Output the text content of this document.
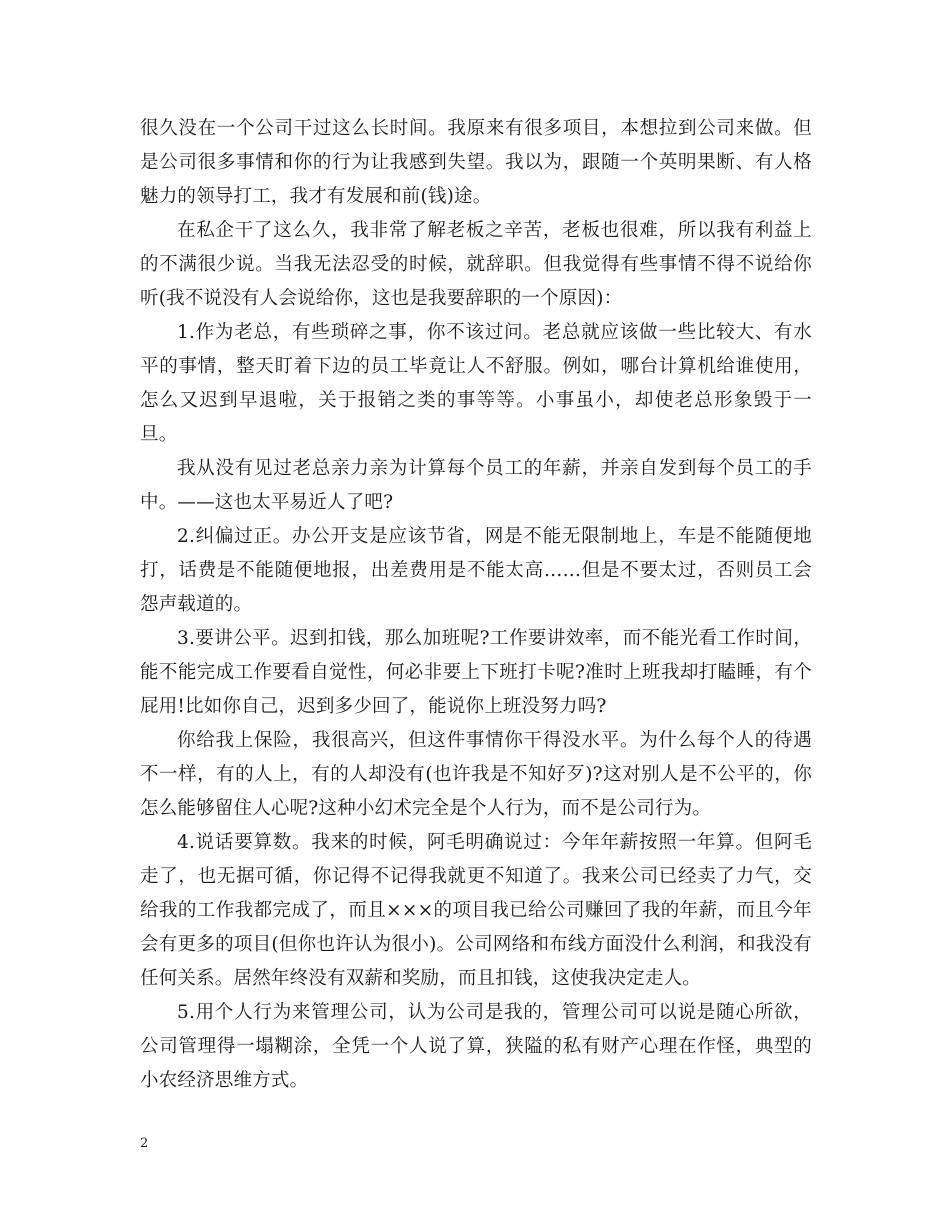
很久没在一个公司干过这么长时间。我原来有很多项目，本想拉到公司来做。但是公司很多事情和你的行为让我感到失望。我以为，跟随一个英明果断、有人格魅力的领导打工，我才有发展和前(钱)途。

在私企干了这么久，我非常了解老板之辛苦，老板也很难，所以我有利益上的不满很少说。当我无法忍受的时候，就辞职。但我觉得有些事情不得不说给你听(我不说没有人会说给你，这也是我要辞职的一个原因)：

1.作为老总，有些琐碎之事，你不该过问。老总就应该做一些比较大、有水平的事情，整天盯着下边的员工毕竟让人不舒服。例如，哪台计算机给谁使用，怎么又迟到早退啦，关于报销之类的事等等。小事虽小，却使老总形象毁于一旦。

我从没有见过老总亲力亲为计算每个员工的年薪，并亲自发到每个员工的手中。——这也太平易近人了吧?

2.纠偏过正。办公开支是应该节省，网是不能无限制地上，车是不能随便地打，话费是不能随便地报，出差费用是不能太高……但是不要太过，否则员工会怨声载道的。

3.要讲公平。迟到扣钱，那么加班呢?工作要讲效率，而不能光看工作时间，能不能完成工作要看自觉性，何必非要上下班打卡呢?准时上班我却打瞌睡，有个屁用!比如你自己，迟到多少回了，能说你上班没努力吗?

你给我上保险，我很高兴，但这件事情你干得没水平。为什么每个人的待遇不一样，有的人上，有的人却没有(也许我是不知好歹)?这对别人是不公平的，你怎么能够留住人心呢?这种小幻术完全是个人行为，而不是公司行为。

4.说话要算数。我来的时候，阿毛明确说过：今年年薪按照一年算。但阿毛走了，也无据可循，你记得不记得我就更不知道了。我来公司已经卖了力气，交给我的工作我都完成了，而且×××的项目我已给公司赚回了我的年薪，而且今年会有更多的项目(但你也许认为很小)。公司网络和布线方面没什么利润，和我没有任何关系。居然年终没有双薪和奖励，而且扣钱，这使我决定走人。

5.用个人行为来管理公司，认为公司是我的，管理公司可以说是随心所欲，公司管理得一塌糊涂，全凭一个人说了算，狭隘的私有财产心理在作怪，典型的小农经济思维方式。

2
